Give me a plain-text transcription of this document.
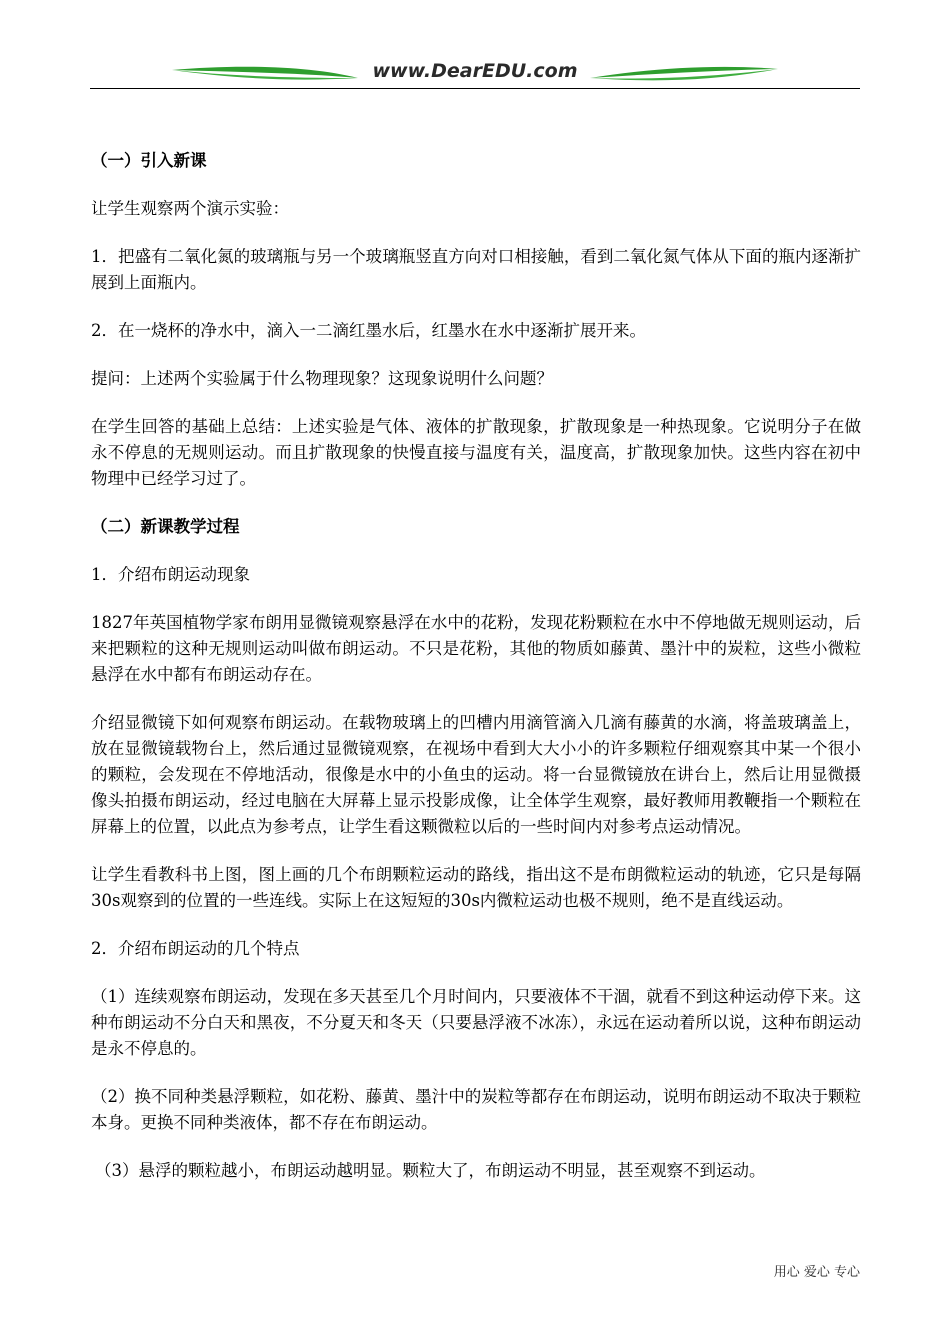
www.DearEDU.com

（一）引入新课

让学生观察两个演示实验：

1．把盛有二氧化氮的玻璃瓶与另一个玻璃瓶竖直方向对口相接触，看到二氧化氮气体从下面的瓶内逐渐扩展到上面瓶内。

2．在一烧杯的净水中，滴入一二滴红墨水后，红墨水在水中逐渐扩展开来。

提问：上述两个实验属于什么物理现象？这现象说明什么问题？

在学生回答的基础上总结：上述实验是气体、液体的扩散现象，扩散现象是一种热现象。它说明分子在做永不停息的无规则运动。而且扩散现象的快慢直接与温度有关，温度高，扩散现象加快。这些内容在初中物理中已经学习过了。

（二）新课教学过程

1．介绍布朗运动现象

1827年英国植物学家布朗用显微镜观察悬浮在水中的花粉，发现花粉颗粒在水中不停地做无规则运动，后来把颗粒的这种无规则运动叫做布朗运动。不只是花粉，其他的物质如藤黄、墨汁中的炭粒，这些小微粒悬浮在水中都有布朗运动存在。

介绍显微镜下如何观察布朗运动。在载物玻璃上的凹槽内用滴管滴入几滴有藤黄的水滴，将盖玻璃盖上，放在显微镜载物台上，然后通过显微镜观察，在视场中看到大大小小的许多颗粒仔细观察其中某一个很小的颗粒，会发现在不停地活动，很像是水中的小鱼虫的运动。将一台显微镜放在讲台上，然后让用显微摄像头拍摄布朗运动，经过电脑在大屏幕上显示投影成像，让全体学生观察，最好教师用教鞭指一个颗粒在屏幕上的位置，以此点为参考点，让学生看这颗微粒以后的一些时间内对参考点运动情况。

让学生看教科书上图，图上画的几个布朗颗粒运动的路线，指出这不是布朗微粒运动的轨迹，它只是每隔30s观察到的位置的一些连线。实际上在这短短的30s内微粒运动也极不规则，绝不是直线运动。

2．介绍布朗运动的几个特点

（1）连续观察布朗运动，发现在多天甚至几个月时间内，只要液体不干涸，就看不到这种运动停下来。这种布朗运动不分白天和黑夜，不分夏天和冬天（只要悬浮液不冰冻），永远在运动着所以说，这种布朗运动是永不停息的。

（2）换不同种类悬浮颗粒，如花粉、藤黄、墨汁中的炭粒等都存在布朗运动，说明布朗运动不取决于颗粒本身。更换不同种类液体，都不存在布朗运动。

（3）悬浮的颗粒越小，布朗运动越明显。颗粒大了，布朗运动不明显，甚至观察不到运动。

用心 爱心 专心
